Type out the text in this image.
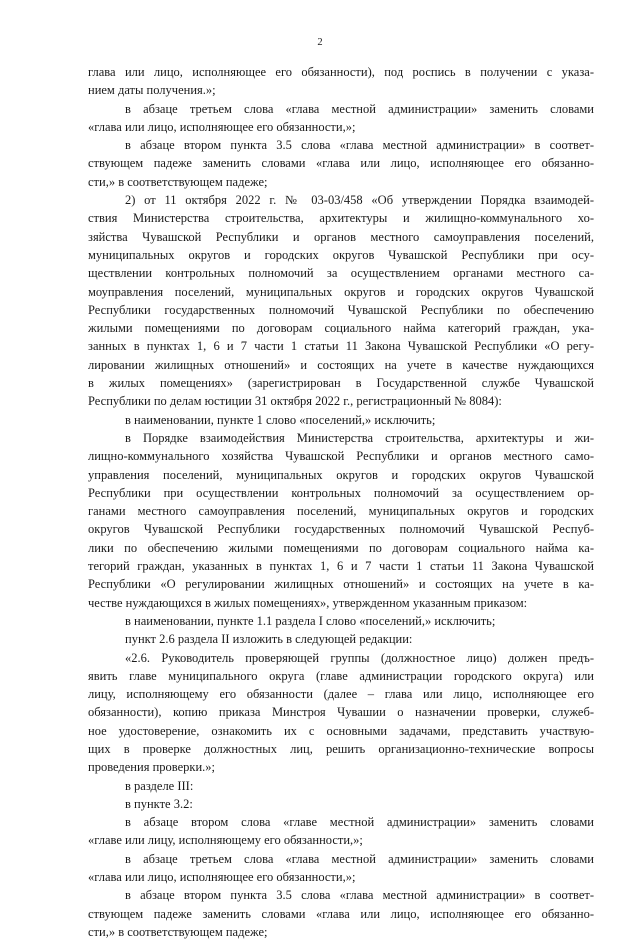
2
глава или лицо, исполняющее его обязанности), под роспись в получении с указа-
нием даты получения.»;
в абзаце третьем слова «глава местной администрации» заменить словами
«глава или лицо, исполняющее его обязанности,»;
в абзаце втором пункта 3.5 слова «глава местной администрации» в соответ-
ствующем падеже заменить словами «глава или лицо, исполняющее его обязанно-
сти,» в соответствующем падеже;
2) от 11 октября 2022 г. № 03-03/458 «Об утверждении Порядка взаимодей-
ствия Министерства строительства, архитектуры и жилищно-коммунального хо-
зяйства Чувашской Республики и органов местного самоуправления поселений,
муниципальных округов и городских округов Чувашской Республики при осу-
ществлении контрольных полномочий за осуществлением органами местного са-
моуправления поселений, муниципальных округов и городских округов Чувашской
Республики государственных полномочий Чувашской Республики по обеспечению
жилыми помещениями по договорам социального найма категорий граждан, ука-
занных в пунктах 1, 6 и 7 части 1 статьи 11 Закона Чувашской Республики «О регу-
лировании жилищных отношений» и состоящих на учете в качестве нуждающихся
в жилых помещениях» (зарегистрирован в Государственной службе Чувашской
Республики по делам юстиции 31 октября 2022 г., регистрационный № 8084):
в наименовании, пункте 1 слово «поселений,» исключить;
в Порядке взаимодействия Министерства строительства, архитектуры и жи-
лищно-коммунального хозяйства Чувашской Республики и органов местного само-
управления поселений, муниципальных округов и городских округов Чувашской
Республики при осуществлении контрольных полномочий за осуществлением ор-
ганами местного самоуправления поселений, муниципальных округов и городских
округов Чувашской Республики государственных полномочий Чувашской Респуб-
лики по обеспечению жилыми помещениями по договорам социального найма ка-
тегорий граждан, указанных в пунктах 1, 6 и 7 части 1 статьи 11 Закона Чувашской
Республики «О регулировании жилищных отношений» и состоящих на учете в ка-
честве нуждающихся в жилых помещениях», утвержденном указанным приказом:
в наименовании, пункте 1.1 раздела I слово «поселений,» исключить;
пункт 2.6 раздела II изложить в следующей редакции:
«2.6. Руководитель проверяющей группы (должностное лицо) должен предъ-
явить главе муниципального округа (главе администрации городского округа) или
лицу, исполняющему его обязанности (далее – глава или лицо, исполняющее его
обязанности), копию приказа Минстроя Чувашии о назначении проверки, служеб-
ное удостоверение, ознакомить их с основными задачами, представить участвую-
щих в проверке должностных лиц, решить организационно-технические вопросы
проведения проверки.»;
в разделе III:
в пункте 3.2:
в абзаце втором слова «главе местной администрации» заменить словами
«главе или лицу, исполняющему его обязанности,»;
в абзаце третьем слова «глава местной администрации» заменить словами
«глава или лицо, исполняющее его обязанности,»;
в абзаце втором пункта 3.5 слова «глава местной администрации» в соответ-
ствующем падеже заменить словами «глава или лицо, исполняющее его обязанно-
сти,» в соответствующем падеже;
